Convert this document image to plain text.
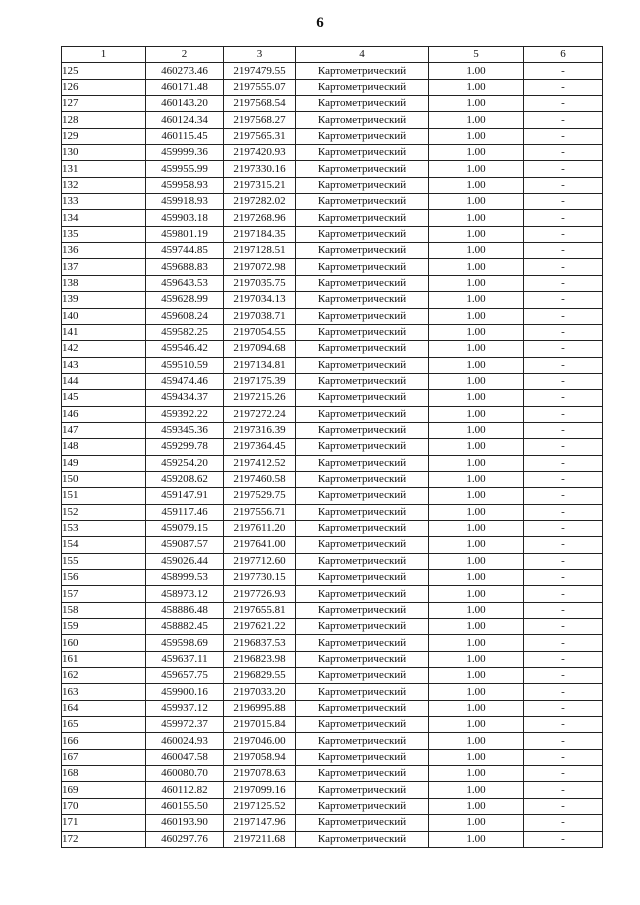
6
1	2	3	4	5	6
125	460273.46	2197479.55	Картометрический	1.00	-
126	460171.48	2197555.07	Картометрический	1.00	-
127	460143.20	2197568.54	Картометрический	1.00	-
128	460124.34	2197568.27	Картометрический	1.00	-
129	460115.45	2197565.31	Картометрический	1.00	-
130	459999.36	2197420.93	Картометрический	1.00	-
131	459955.99	2197330.16	Картометрический	1.00	-
132	459958.93	2197315.21	Картометрический	1.00	-
133	459918.93	2197282.02	Картометрический	1.00	-
134	459903.18	2197268.96	Картометрический	1.00	-
135	459801.19	2197184.35	Картометрический	1.00	-
136	459744.85	2197128.51	Картометрический	1.00	-
137	459688.83	2197072.98	Картометрический	1.00	-
138	459643.53	2197035.75	Картометрический	1.00	-
139	459628.99	2197034.13	Картометрический	1.00	-
140	459608.24	2197038.71	Картометрический	1.00	-
141	459582.25	2197054.55	Картометрический	1.00	-
142	459546.42	2197094.68	Картометрический	1.00	-
143	459510.59	2197134.81	Картометрический	1.00	-
144	459474.46	2197175.39	Картометрический	1.00	-
145	459434.37	2197215.26	Картометрический	1.00	-
146	459392.22	2197272.24	Картометрический	1.00	-
147	459345.36	2197316.39	Картометрический	1.00	-
148	459299.78	2197364.45	Картометрический	1.00	-
149	459254.20	2197412.52	Картометрический	1.00	-
150	459208.62	2197460.58	Картометрический	1.00	-
151	459147.91	2197529.75	Картометрический	1.00	-
152	459117.46	2197556.71	Картометрический	1.00	-
153	459079.15	2197611.20	Картометрический	1.00	-
154	459087.57	2197641.00	Картометрический	1.00	-
155	459026.44	2197712.60	Картометрический	1.00	-
156	458999.53	2197730.15	Картометрический	1.00	-
157	458973.12	2197726.93	Картометрический	1.00	-
158	458886.48	2197655.81	Картометрический	1.00	-
159	458882.45	2197621.22	Картометрический	1.00	-
160	459598.69	2196837.53	Картометрический	1.00	-
161	459637.11	2196823.98	Картометрический	1.00	-
162	459657.75	2196829.55	Картометрический	1.00	-
163	459900.16	2197033.20	Картометрический	1.00	-
164	459937.12	2196995.88	Картометрический	1.00	-
165	459972.37	2197015.84	Картометрический	1.00	-
166	460024.93	2197046.00	Картометрический	1.00	-
167	460047.58	2197058.94	Картометрический	1.00	-
168	460080.70	2197078.63	Картометрический	1.00	-
169	460112.82	2197099.16	Картометрический	1.00	-
170	460155.50	2197125.52	Картометрический	1.00	-
171	460193.90	2197147.96	Картометрический	1.00	-
172	460297.76	2197211.68	Картометрический	1.00	-
